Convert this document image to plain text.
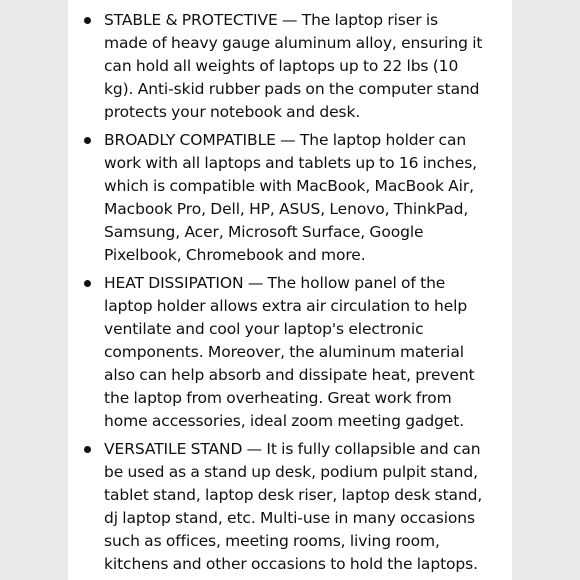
STABLE & PROTECTIVE — The laptop riser is
made of heavy gauge aluminum alloy, ensuring it
can hold all weights of laptops up to 22 lbs (10
kg). Anti-skid rubber pads on the computer stand
protects your notebook and desk.
BROADLY COMPATIBLE — The laptop holder can
work with all laptops and tablets up to 16 inches,
which is compatible with MacBook, MacBook Air,
Macbook Pro, Dell, HP, ASUS, Lenovo, ThinkPad,
Samsung, Acer, Microsoft Surface, Google
Pixelbook, Chromebook and more.
HEAT DISSIPATION — The hollow panel of the
laptop holder allows extra air circulation to help
ventilate and cool your laptop's electronic
components. Moreover, the aluminum material
also can help absorb and dissipate heat, prevent
the laptop from overheating. Great work from
home accessories, ideal zoom meeting gadget.
VERSATILE STAND — It is fully collapsible and can
be used as a stand up desk, podium pulpit stand,
tablet stand, laptop desk riser, laptop desk stand,
dj laptop stand, etc. Multi-use in many occasions
such as offices, meeting rooms, living room,
kitchens and other occasions to hold the laptops.
